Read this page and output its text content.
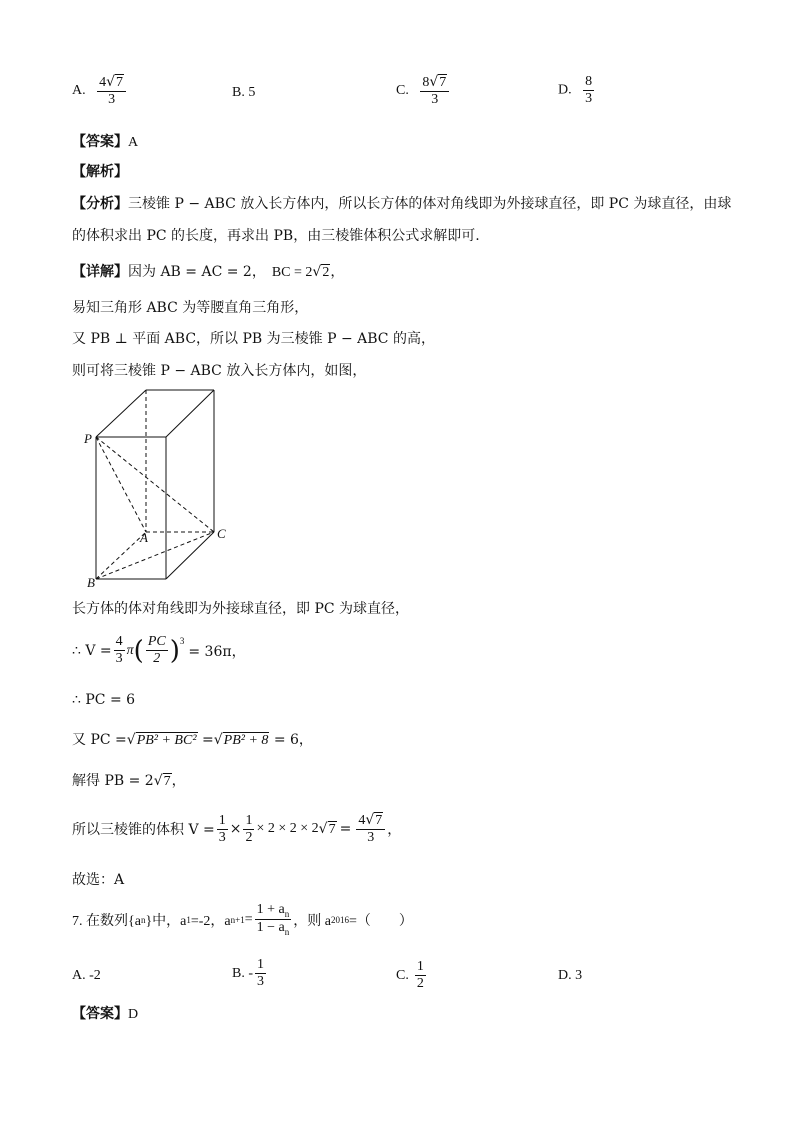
A. $\frac{4√7}{3}$	B. 5	C. $\frac{8√7}{3}$	D. $\frac{8}{3}$
【答案】A
【解析】
【分析】三棱锥 P − ABC 放入长方体内，所以长方体的体对角线即为外接球直径，即 PC 为球直径，由球
的体积求出 PC 的长度，再求出 PB，由三棱锥体积公式求解即可.
【详解】因为 AB = AC = 2， BC = 2√2，
易知三角形 ABC 为等腰直角三角形，
又 PB ⊥ 平面 ABC，所以 PB 为三棱锥 P − ABC 的高，
则可将三棱锥 P − ABC 放入长方体内，如图，
P
A	C
B
长方体的体对角线即为外接球直径，即 PC 为球直径，
∴ $V = \frac{4}{3}$ π ( $\frac{PC}{2} )^3$
= 36π，
∴ PC = 6
又 PC =√PB² + BC² =√PB² + 8 = 6，
解得 PB = 2√7，
所以三棱锥的体积 $V = \frac{1}{3} \times \frac{1}{2} \times 2 \times 2 \times 2$ √ $7 = \frac{4√7}{3}$ ，
故选：A
7. 在数列{a n }中，a 1 =-2，a $n+1 = \frac{1 + a_n}{1 - a_n}$ ，则 a 2016 =（　　）
A. -2	B. - $\frac{1}{3}$	C. $\frac{1}{2}$	D. 3
【答案】D
